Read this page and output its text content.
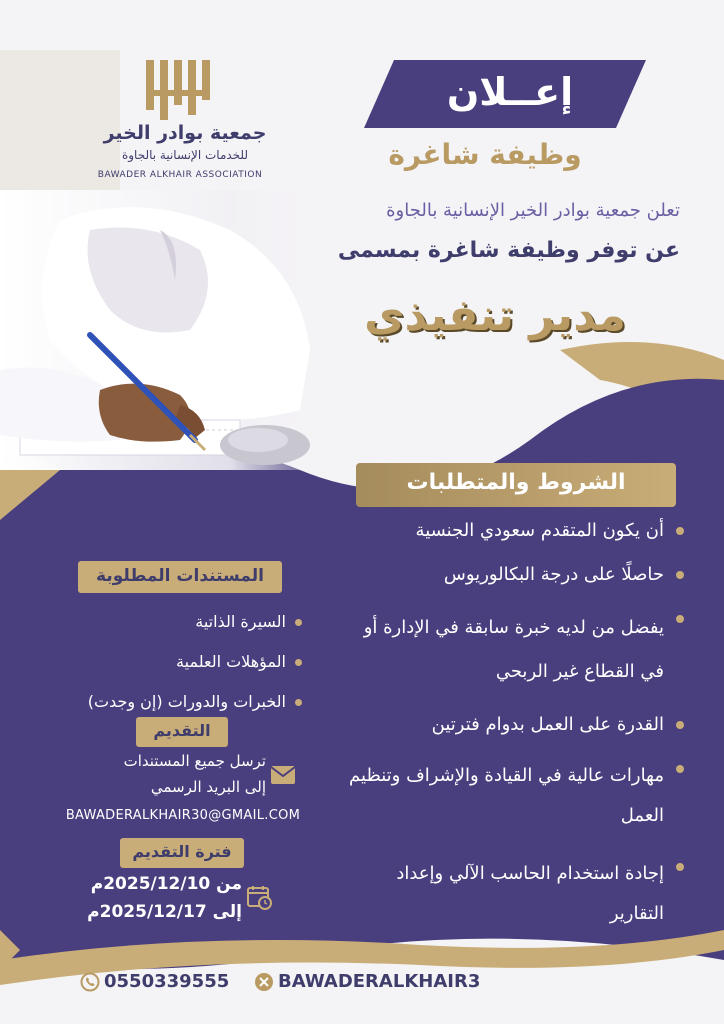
جمعية بوادر الخير
للخدمات الإنسانية بالجاوة
BAWADER ALKHAIR ASSOCIATION
إعــلان
وظيفة شاغرة
تعلن جمعية بوادر الخير الإنسانية بالجاوة
عن توفر وظيفة شاغرة بمسمى
مدير تنفيذي
الشروط والمتطلبات
أن يكون المتقدم سعودي الجنسية
حاصلًا على درجة البكالوريوس
يفضل من لديه خبرة سابقة في الإدارة أو في القطاع غير الربحي
القدرة على العمل بدوام فترتين
مهارات عالية في القيادة والإشراف وتنظيم العمل
إجادة استخدام الحاسب الآلي وإعداد التقارير
المستندات المطلوبة
السيرة الذاتية
المؤهلات العلمية
الخبرات والدورات (إن وجدت)
التقديم
ترسل جميع المستندات
إلى البريد الرسمي
BAWADERALKHAIR30@GMAIL.COM
فترة التقديم
من 2025/12/10م
إلى 2025/12/17م
0550339555	BAWADERALKHAIR3
